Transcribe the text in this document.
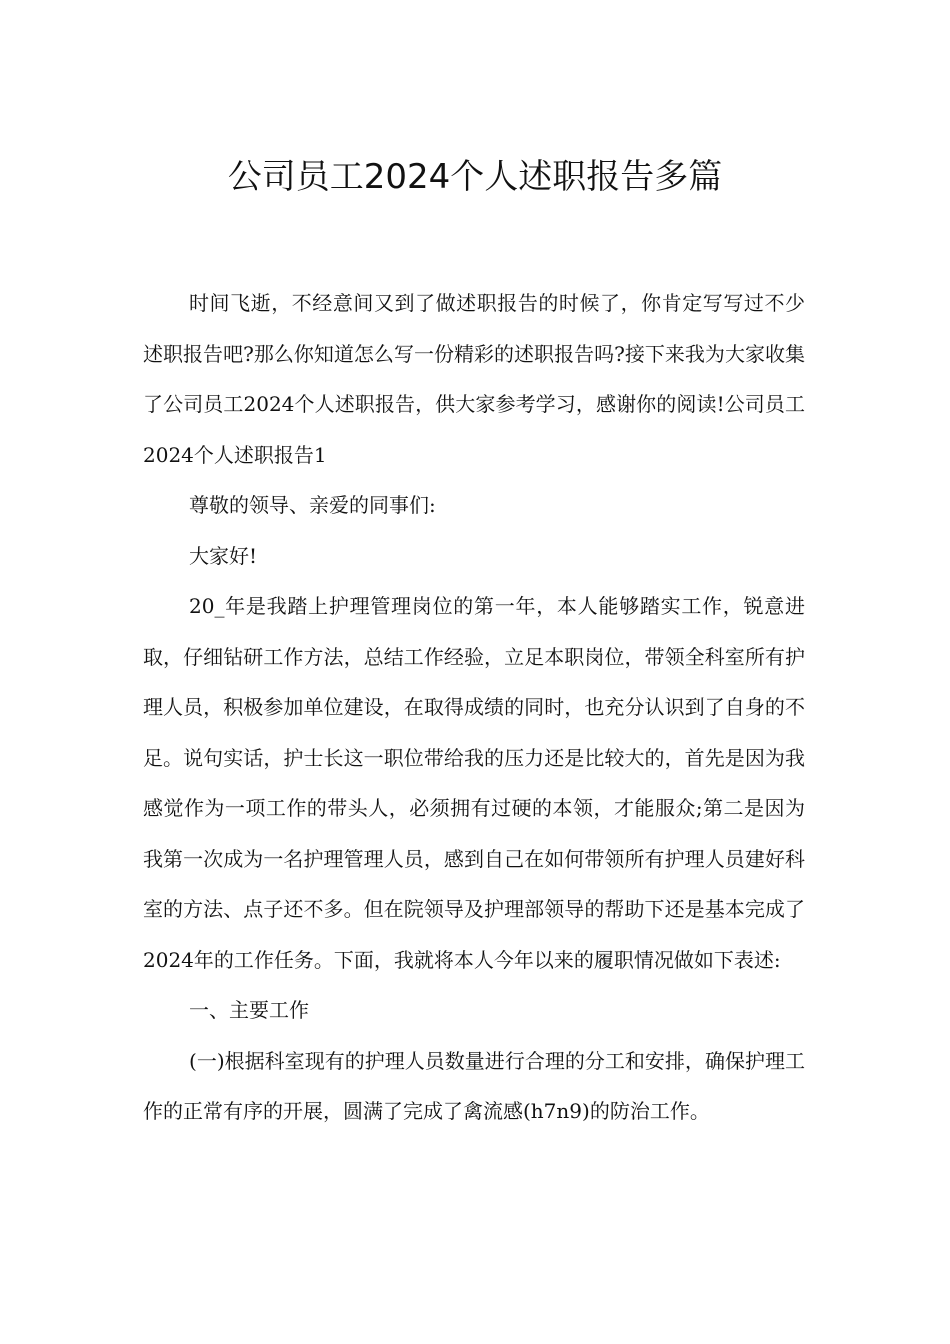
公司员工2024个人述职报告多篇

时间飞逝，不经意间又到了做述职报告的时候了，你肯定写写过不少述职报告吧?那么你知道怎么写一份精彩的述职报告吗?接下来我为大家收集了公司员工2024个人述职报告，供大家参考学习，感谢你的阅读!公司员工2024个人述职报告1

尊敬的领导、亲爱的同事们:

大家好!

20_年是我踏上护理管理岗位的第一年，本人能够踏实工作，锐意进取，仔细钻研工作方法，总结工作经验，立足本职岗位，带领全科室所有护理人员，积极参加单位建设，在取得成绩的同时，也充分认识到了自身的不足。说句实话，护士长这一职位带给我的压力还是比较大的，首先是因为我感觉作为一项工作的带头人，必须拥有过硬的本领，才能服众;第二是因为我第一次成为一名护理管理人员，感到自己在如何带领所有护理人员建好科室的方法、点子还不多。但在院领导及护理部领导的帮助下还是基本完成了2024年的工作任务。下面，我就将本人今年以来的履职情况做如下表述:

一、主要工作

(一)根据科室现有的护理人员数量进行合理的分工和安排，确保护理工作的正常有序的开展，圆满了完成了禽流感(h7n9)的防治工作。
